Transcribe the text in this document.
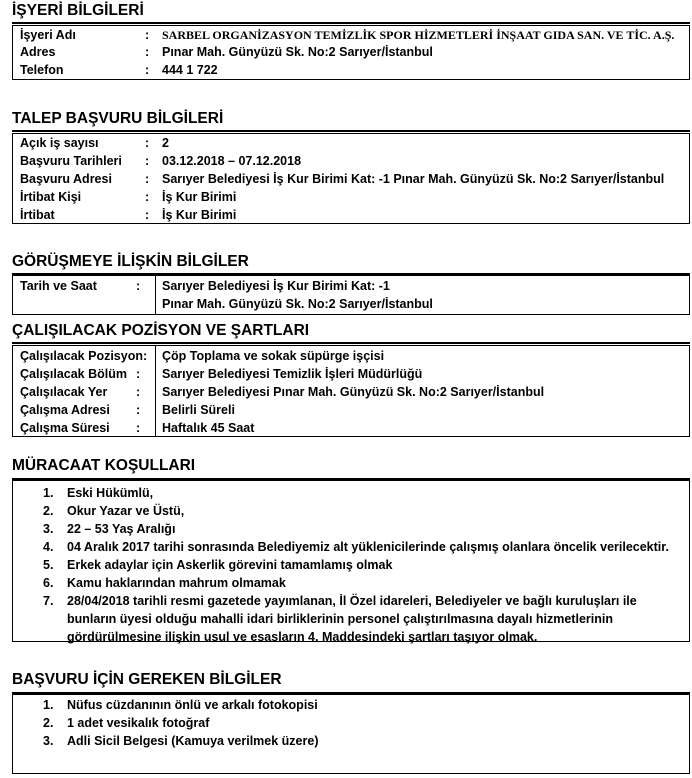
İŞYERİ BİLGİLERİ
İşyeri Adı	: SARBEL ORGANİZASYON TEMİZLİK SPOR HİZMETLERİ İNŞAAT GIDA SAN. VE TİC. A.Ş.
Adres	: Pınar Mah. Günyüzü Sk. No:2 Sarıyer/İstanbul
Telefon	: 444 1 722
TALEP BAŞVURU BİLGİLERİ
Açık iş sayısı	: 2
Başvuru Tarihleri : 03.12.2018 – 07.12.2018
Başvuru Adresi	: Sarıyer Belediyesi İş Kur Birimi Kat: -1 Pınar Mah. Günyüzü Sk. No:2 Sarıyer/İstanbul
İrtibat Kişi	: İş Kur Birimi
İrtibat	: İş Kur Birimi
GÖRÜŞMEYE İLİŞKİN BİLGİLER
Tarih ve Saat	: Sarıyer Belediyesi İş Kur Birimi Kat: -1
Pınar Mah. Günyüzü Sk. No:2 Sarıyer/İstanbul
ÇALIŞILACAK POZİSYON VE ŞARTLARI
Çalışılacak Pozisyon: Çöp Toplama ve sokak süpürge işçisi
Çalışılacak Bölüm : Sarıyer Belediyesi Temizlik İşleri Müdürlüğü
Çalışılacak Yer : Sarıyer Belediyesi Pınar Mah. Günyüzü Sk. No:2 Sarıyer/İstanbul
Çalışma Adresi : Belirli Süreli
Çalışma Süresi : Haftalık 45 Saat
MÜRACAAT KOŞULLARI
1. Eski Hükümlü,
2. Okur Yazar ve Üstü,
3. 22 – 53 Yaş Aralığı
4. 04 Aralık 2017 tarihi sonrasında Belediyemiz alt yüklenicilerinde çalışmış olanlara öncelik verilecektir.
5. Erkek adaylar için Askerlik görevini tamamlamış olmak
6. Kamu haklarından mahrum olmamak
7. 28/04/2018 tarihli resmi gazetede yayımlanan, İl Özel idareleri, Belediyeler ve bağlı kuruluşları ile
bunların üyesi olduğu mahalli idari birliklerinin personel çalıştırılmasına dayalı hizmetlerinin
gördürülmesine ilişkin usul ve esasların 4. Maddesindeki şartları taşıyor olmak.
BAŞVURU İÇİN GEREKEN BİLGİLER
1. Nüfus cüzdanının önlü ve arkalı fotokopisi
2. 1 adet vesikalık fotoğraf
3. Adli Sicil Belgesi (Kamuya verilmek üzere)
